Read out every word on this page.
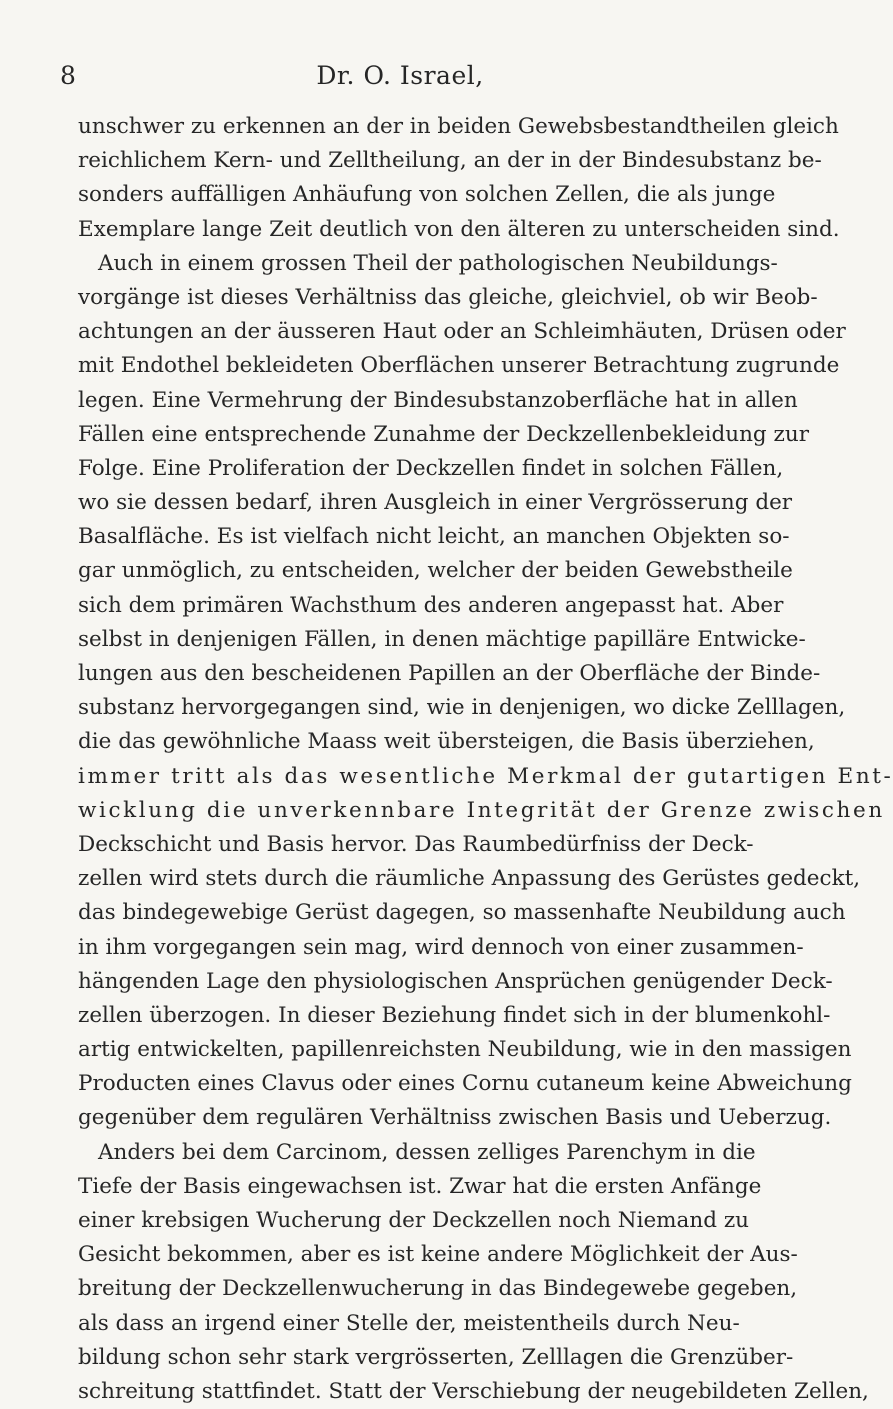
8	Dr. O. Israel,
unschwer zu erkennen an der in beiden Gewebsbestandtheilen gleich
reichlichem Kern- und Zelltheilung, an der in der Bindesubstanz be-
sonders auffälligen Anhäufung von solchen Zellen, die als junge
Exemplare lange Zeit deutlich von den älteren zu unterscheiden sind.
Auch in einem grossen Theil der pathologischen Neubildungs-
vorgänge ist dieses Verhältniss das gleiche, gleichviel, ob wir Beob-
achtungen an der äusseren Haut oder an Schleimhäuten, Drüsen oder
mit Endothel bekleideten Oberflächen unserer Betrachtung zugrunde
legen. Eine Vermehrung der Bindesubstanzoberfläche hat in allen
Fällen eine entsprechende Zunahme der Deckzellenbekleidung zur
Folge. Eine Proliferation der Deckzellen findet in solchen Fällen,
wo sie dessen bedarf, ihren Ausgleich in einer Vergrösserung der
Basalfläche. Es ist vielfach nicht leicht, an manchen Objekten so-
gar unmöglich, zu entscheiden, welcher der beiden Gewebstheile
sich dem primären Wachsthum des anderen angepasst hat. Aber
selbst in denjenigen Fällen, in denen mächtige papilläre Entwicke-
lungen aus den bescheidenen Papillen an der Oberfläche der Binde-
substanz hervorgegangen sind, wie in denjenigen, wo dicke Zelllagen,
die das gewöhnliche Maass weit übersteigen, die Basis überziehen,
immer tritt als das wesentliche Merkmal der gutartigen Ent-
wicklung die unverkennbare Integrität der Grenze zwischen
Deckschicht und Basis hervor. Das Raumbedürfniss der Deck-
zellen wird stets durch die räumliche Anpassung des Gerüstes gedeckt,
das bindegewebige Gerüst dagegen, so massenhafte Neubildung auch
in ihm vorgegangen sein mag, wird dennoch von einer zusammen-
hängenden Lage den physiologischen Ansprüchen genügender Deck-
zellen überzogen. In dieser Beziehung findet sich in der blumenkohl-
artig entwickelten, papillenreichsten Neubildung, wie in den massigen
Producten eines Clavus oder eines Cornu cutaneum keine Abweichung
gegenüber dem regulären Verhältniss zwischen Basis und Ueberzug.
Anders bei dem Carcinom, dessen zelliges Parenchym in die
Tiefe der Basis eingewachsen ist. Zwar hat die ersten Anfänge
einer krebsigen Wucherung der Deckzellen noch Niemand zu
Gesicht bekommen, aber es ist keine andere Möglichkeit der Aus-
breitung der Deckzellenwucherung in das Bindegewebe gegeben,
als dass an irgend einer Stelle der, meistentheils durch Neu-
bildung schon sehr stark vergrösserten, Zelllagen die Grenzüber-
schreitung stattfindet. Statt der Verschiebung der neugebildeten Zellen,
